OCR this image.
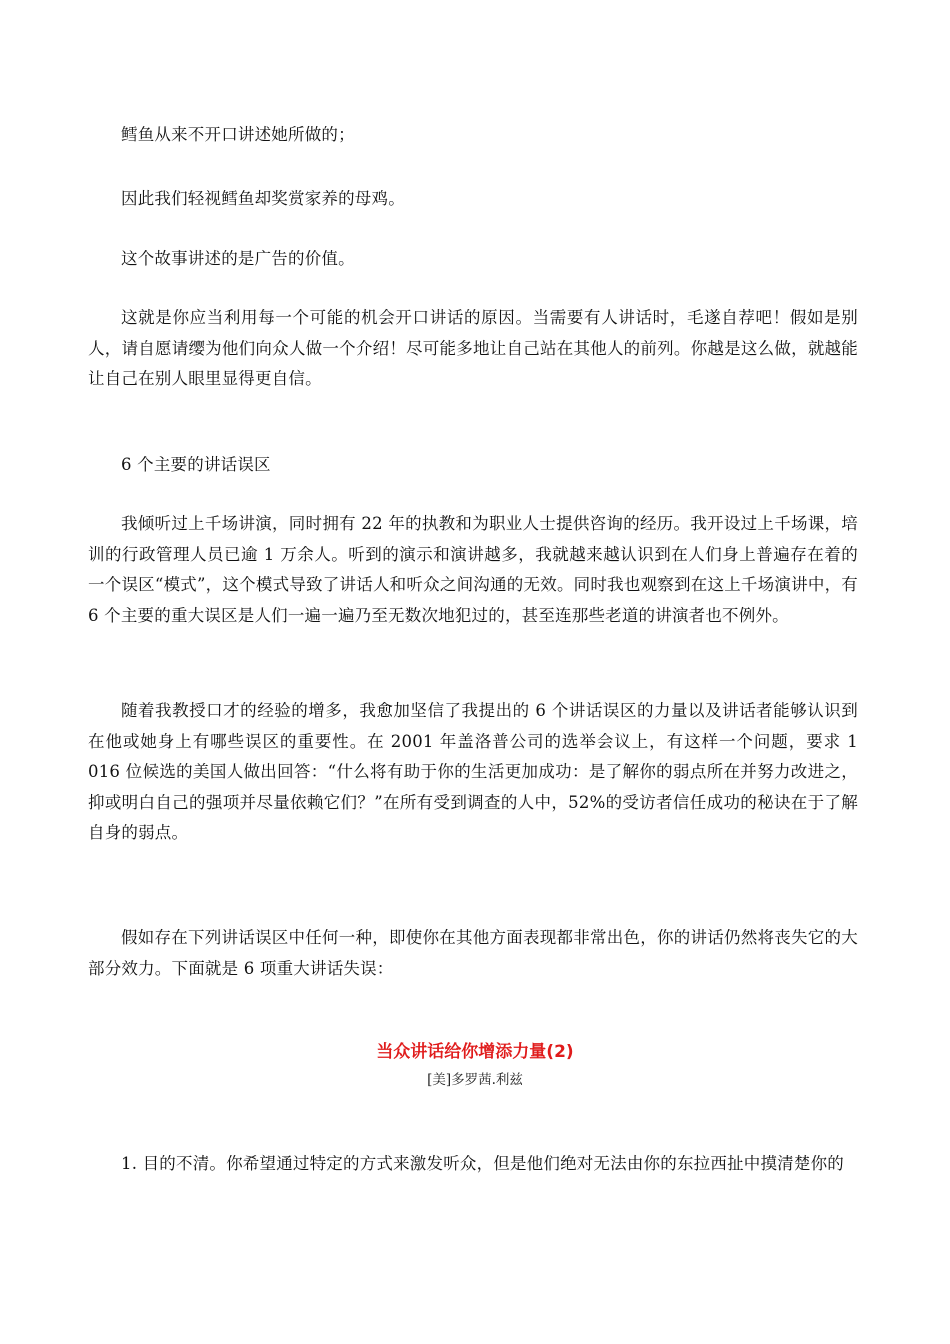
鳕鱼从来不开口讲述她所做的；

因此我们轻视鳕鱼却奖赏家养的母鸡。

这个故事讲述的是广告的价值。

这就是你应当利用每一个可能的机会开口讲话的原因。当需要有人讲话时，毛遂自荐吧！假如是别人，请自愿请缨为他们向众人做一个介绍！尽可能多地让自己站在其他人的前列。你越是这么做，就越能让自己在别人眼里显得更自信。

6 个主要的讲话误区

我倾听过上千场讲演，同时拥有 22 年的执教和为职业人士提供咨询的经历。我开设过上千场课，培训的行政管理人员已逾 1 万余人。听到的演示和演讲越多，我就越来越认识到在人们身上普遍存在着的一个误区“模式”，这个模式导致了讲话人和听众之间沟通的无效。同时我也观察到在这上千场演讲中，有 6 个主要的重大误区是人们一遍一遍乃至无数次地犯过的，甚至连那些老道的讲演者也不例外。

随着我教授口才的经验的增多，我愈加坚信了我提出的 6 个讲话误区的力量以及讲话者能够认识到在他或她身上有哪些误区的重要性。在 2001 年盖洛普公司的选举会议上，有这样一个问题，要求 1 016 位候选的美国人做出回答：“什么将有助于你的生活更加成功：是了解你的弱点所在并努力改进之，抑或明白自己的强项并尽量依赖它们？”在所有受到调查的人中，52%的受访者信任成功的秘诀在于了解自身的弱点。

假如存在下列讲话误区中任何一种，即使你在其他方面表现都非常出色，你的讲话仍然将丧失它的大部分效力。下面就是 6 项重大讲话失误：

当众讲话给你增添力量(2)

[美]多罗茜.利兹

1. 目的不清。你希望通过特定的方式来激发听众，但是他们绝对无法由你的东拉西扯中摸清楚你的
